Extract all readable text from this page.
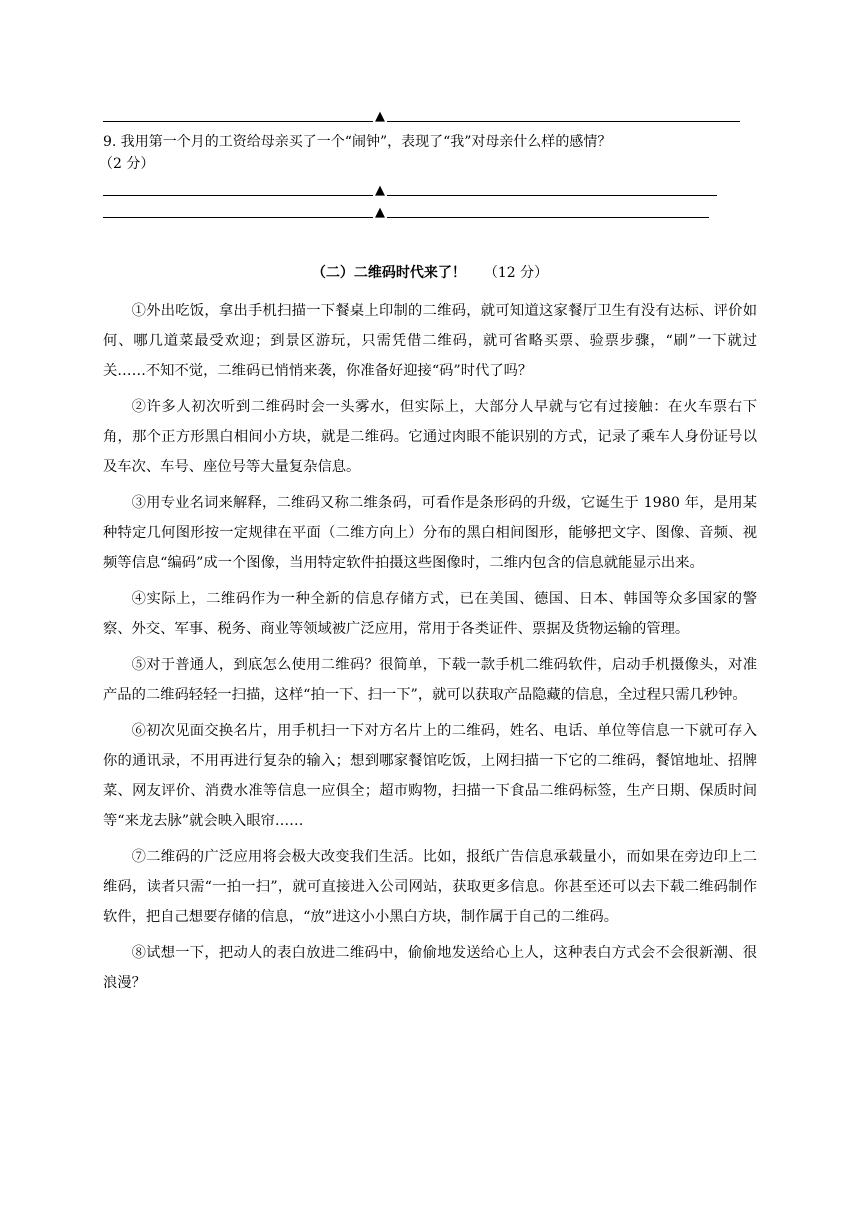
▲
9. 我用第一个月的工资给母亲买了一个“闹钟”，表现了“我”对母亲什么样的感情？
（2 分）
▲
▲
（二）二维码时代来了！ （12 分）

①外出吃饭，拿出手机扫描一下餐桌上印制的二维码，就可知道这家餐厅卫生有没有达标、评价如何、哪几道菜最受欢迎；到景区游玩，只需凭借二维码，就可省略买票、验票步骤，“刷”一下就过关……不知不觉，二维码已悄悄来袭，你准备好迎接“码”时代了吗？

②许多人初次听到二维码时会一头雾水，但实际上，大部分人早就与它有过接触：在火车票右下角，那个正方形黑白相间小方块，就是二维码。它通过肉眼不能识别的方式，记录了乘车人身份证号以及车次、车号、座位号等大量复杂信息。

③用专业名词来解释，二维码又称二维条码，可看作是条形码的升级，它诞生于 1980 年，是用某种特定几何图形按一定规律在平面（二维方向上）分布的黑白相间图形，能够把文字、图像、音频、视频等信息“编码”成一个图像，当用特定软件拍摄这些图像时，二维内包含的信息就能显示出来。

④实际上，二维码作为一种全新的信息存储方式，已在美国、德国、日本、韩国等众多国家的警察、外交、军事、税务、商业等领域被广泛应用，常用于各类证件、票据及货物运输的管理。

⑤对于普通人，到底怎么使用二维码？很简单，下载一款手机二维码软件，启动手机摄像头，对准产品的二维码轻轻一扫描，这样“拍一下、扫一下”，就可以获取产品隐藏的信息，全过程只需几秒钟。

⑥初次见面交换名片，用手机扫一下对方名片上的二维码，姓名、电话、单位等信息一下就可存入你的通讯录，不用再进行复杂的输入；想到哪家餐馆吃饭，上网扫描一下它的二维码，餐馆地址、招牌菜、网友评价、消费水准等信息一应俱全；超市购物，扫描一下食品二维码标签，生产日期、保质时间等“来龙去脉”就会映入眼帘……

⑦二维码的广泛应用将会极大改变我们生活。比如，报纸广告信息承载量小，而如果在旁边印上二维码，读者只需“一拍一扫”，就可直接进入公司网站，获取更多信息。你甚至还可以去下载二维码制作软件，把自己想要存储的信息，“放”进这小小黑白方块，制作属于自己的二维码。

⑧试想一下，把动人的表白放进二维码中，偷偷地发送给心上人，这种表白方式会不会很新潮、很浪漫？
